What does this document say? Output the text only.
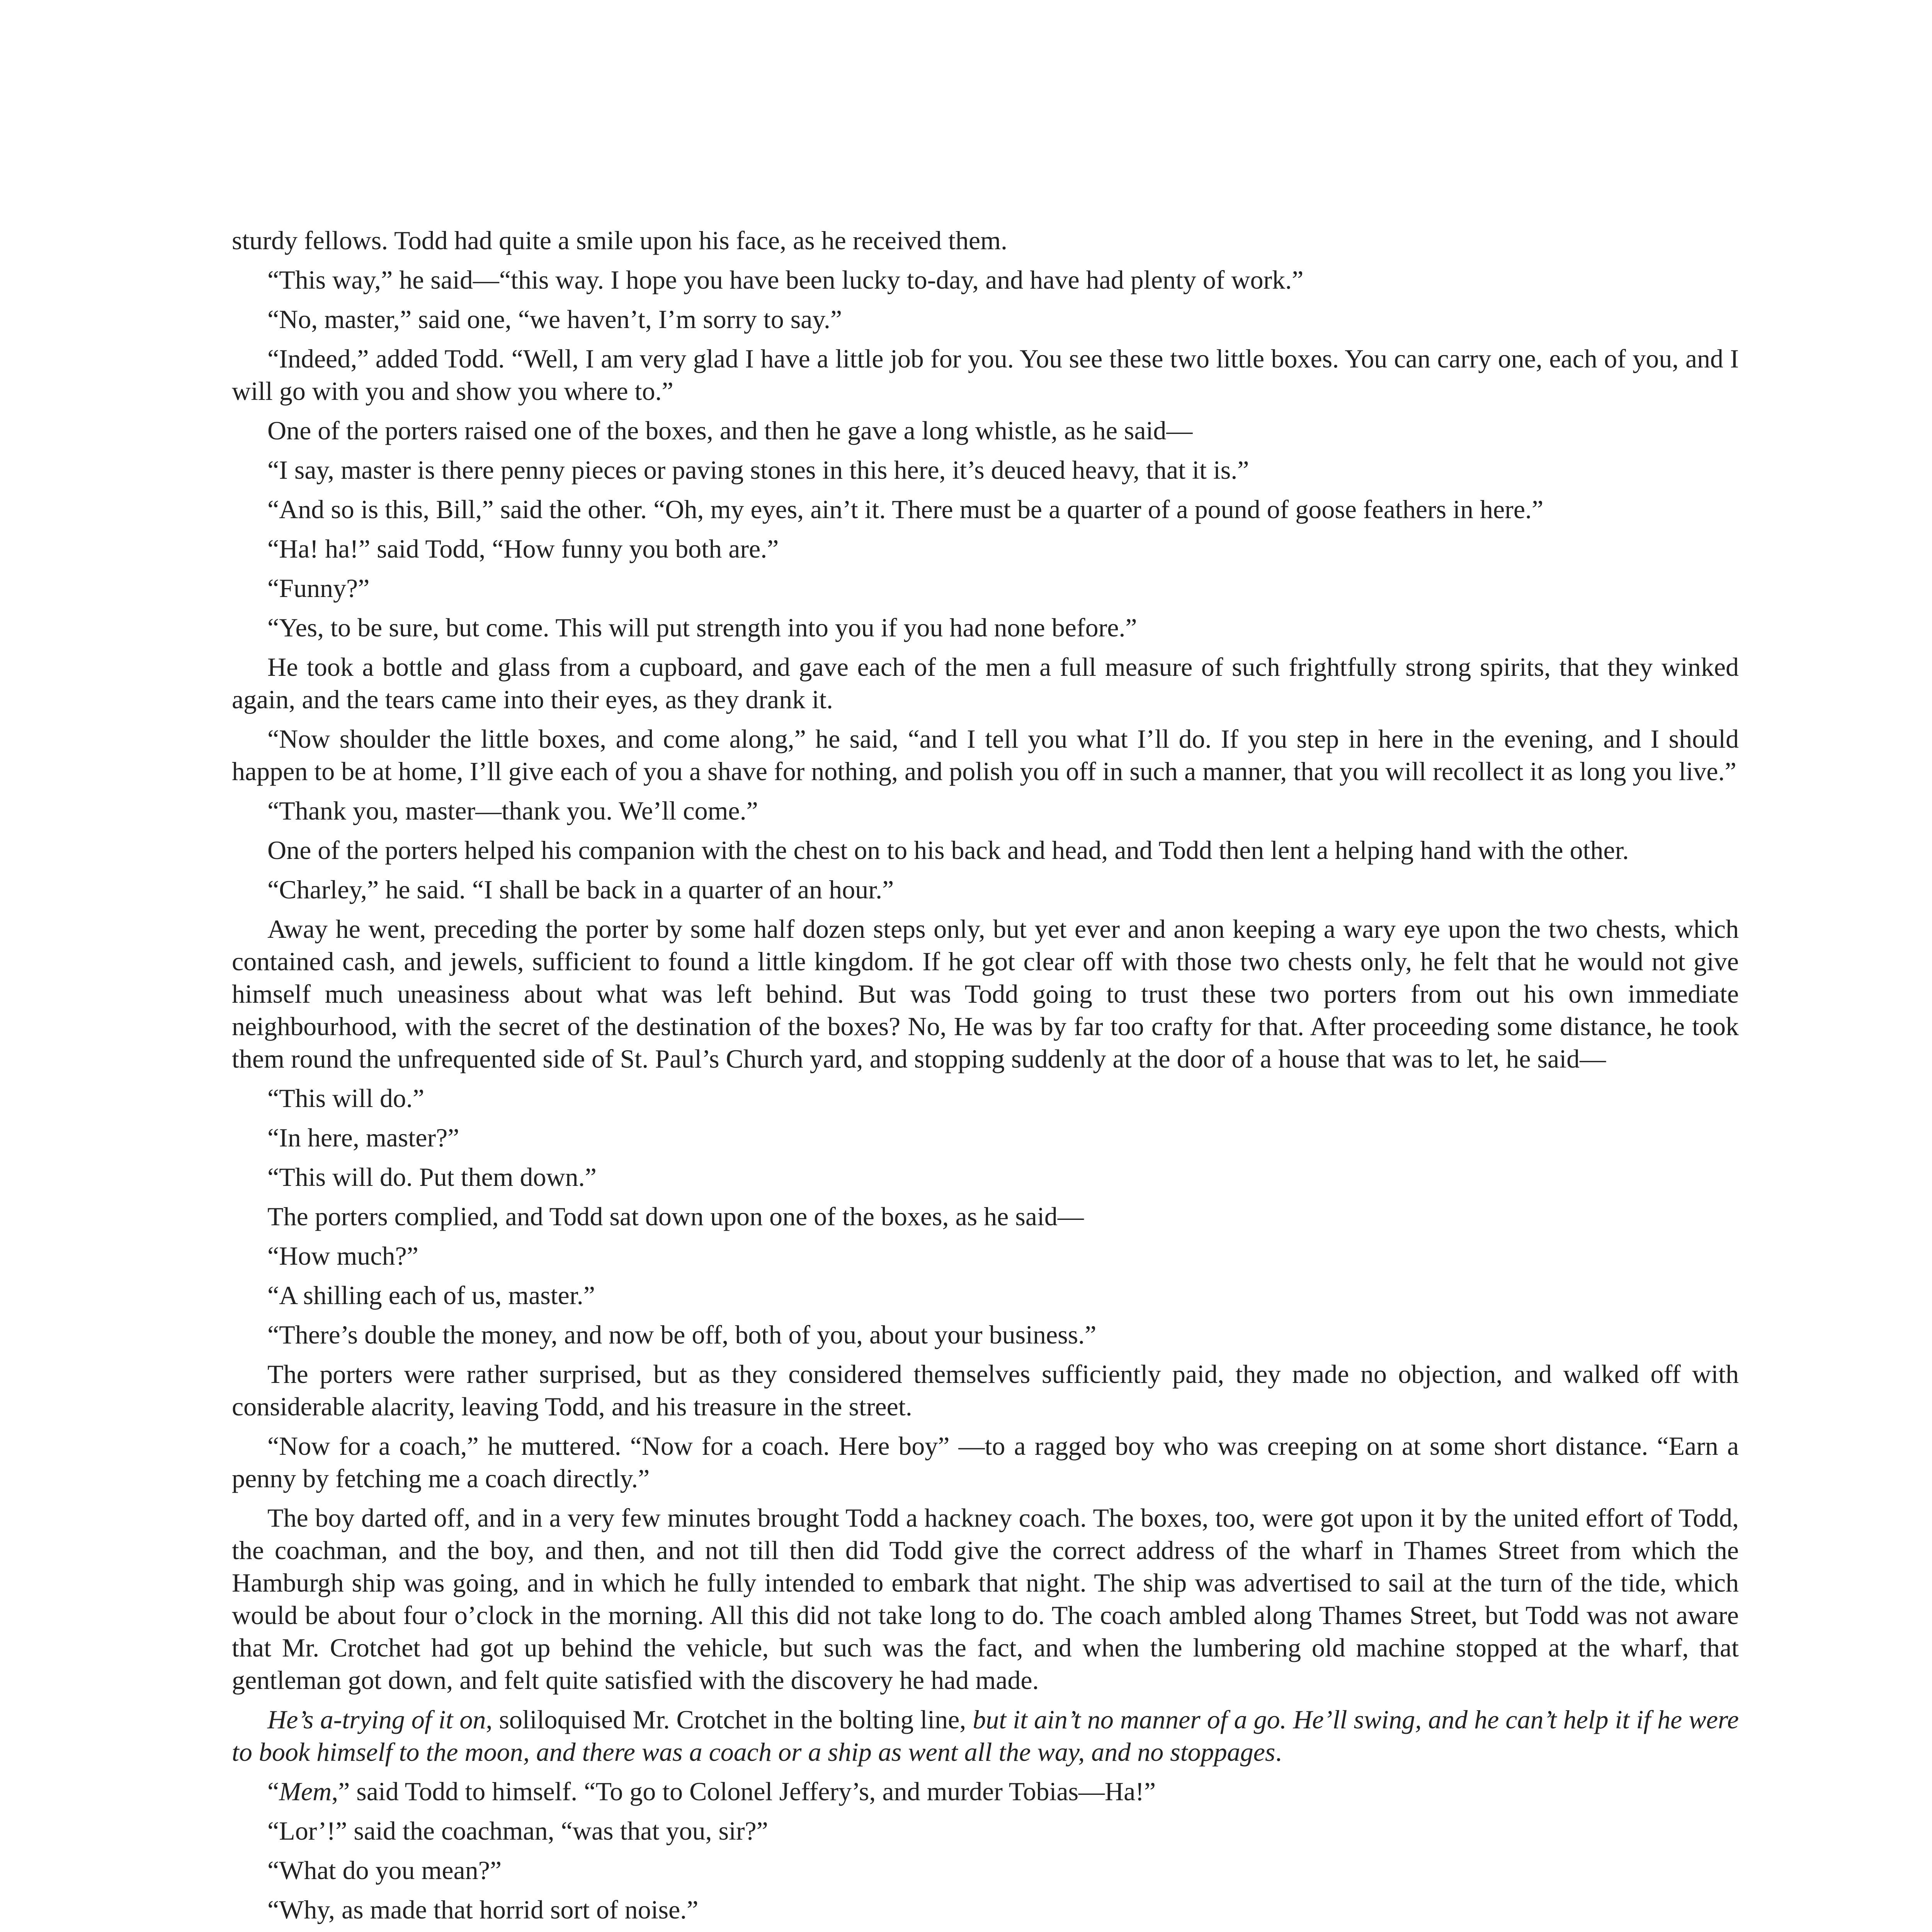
sturdy fellows. Todd had quite a smile upon his face, as he received them.

“This way,” he said—“this way. I hope you have been lucky to-day, and have had plenty of work.”

“No, master,” said one, “we haven’t, I’m sorry to say.”

“Indeed,” added Todd. “Well, I am very glad I have a little job for you. You see these two little boxes. You can carry one, each of you, and I will go with you and show you where to.”

One of the porters raised one of the boxes, and then he gave a long whistle, as he said—

“I say, master is there penny pieces or paving stones in this here, it’s deuced heavy, that it is.”

“And so is this, Bill,” said the other. “Oh, my eyes, ain’t it. There must be a quarter of a pound of goose feathers in here.”

“Ha! ha!” said Todd, “How funny you both are.”

“Funny?”

“Yes, to be sure, but come. This will put strength into you if you had none before.”

He took a bottle and glass from a cupboard, and gave each of the men a full measure of such frightfully strong spirits, that they winked again, and the tears came into their eyes, as they drank it.

“Now shoulder the little boxes, and come along,” he said, “and I tell you what I’ll do. If you step in here in the evening, and I should happen to be at home, I’ll give each of you a shave for nothing, and polish you off in such a manner, that you will recollect it as long you live.”

“Thank you, master—thank you. We’ll come.”

One of the porters helped his companion with the chest on to his back and head, and Todd then lent a helping hand with the other.

“Charley,” he said. “I shall be back in a quarter of an hour.”

Away he went, preceding the porter by some half dozen steps only, but yet ever and anon keeping a wary eye upon the two chests, which contained cash, and jewels, sufficient to found a little kingdom. If he got clear off with those two chests only, he felt that he would not give himself much uneasiness about what was left behind. But was Todd going to trust these two porters from out his own immediate neighbourhood, with the secret of the destination of the boxes? No, He was by far too crafty for that. After proceeding some distance, he took them round the unfrequented side of St. Paul’s Church yard, and stopping suddenly at the door of a house that was to let, he said—

“This will do.”

“In here, master?”

“This will do. Put them down.”

The porters complied, and Todd sat down upon one of the boxes, as he said—

“How much?”

“A shilling each of us, master.”

“There’s double the money, and now be off, both of you, about your business.”

The porters were rather surprised, but as they considered themselves sufficiently paid, they made no objection, and walked off with considerable alacrity, leaving Todd, and his treasure in the street.

“Now for a coach,” he muttered. “Now for a coach. Here boy” —to a ragged boy who was creeping on at some short distance. “Earn a penny by fetching me a coach directly.”

The boy darted off, and in a very few minutes brought Todd a hackney coach. The boxes, too, were got upon it by the united effort of Todd, the coachman, and the boy, and then, and not till then did Todd give the correct address of the wharf in Thames Street from which the Hamburgh ship was going, and in which he fully intended to embark that night. The ship was advertised to sail at the turn of the tide, which would be about four o’clock in the morning. All this did not take long to do. The coach ambled along Thames Street, but Todd was not aware that Mr. Crotchet had got up behind the vehicle, but such was the fact, and when the lumbering old machine stopped at the wharf, that gentleman got down, and felt quite satisfied with the discovery he had made.

He’s a-trying of it on, soliloquised Mr. Crotchet in the bolting line, but it ain’t no manner of a go. He’ll swing, and he can’t help it if he were to book himself to the moon, and there was a coach or a ship as went all the way, and no stoppages.

“Mem,” said Todd to himself. “To go to Colonel Jeffery’s, and murder Tobias—Ha!”

“Lor’!” said the coachman, “was that you, sir?”

“What do you mean?”

“Why, as made that horrid sort of noise.”
